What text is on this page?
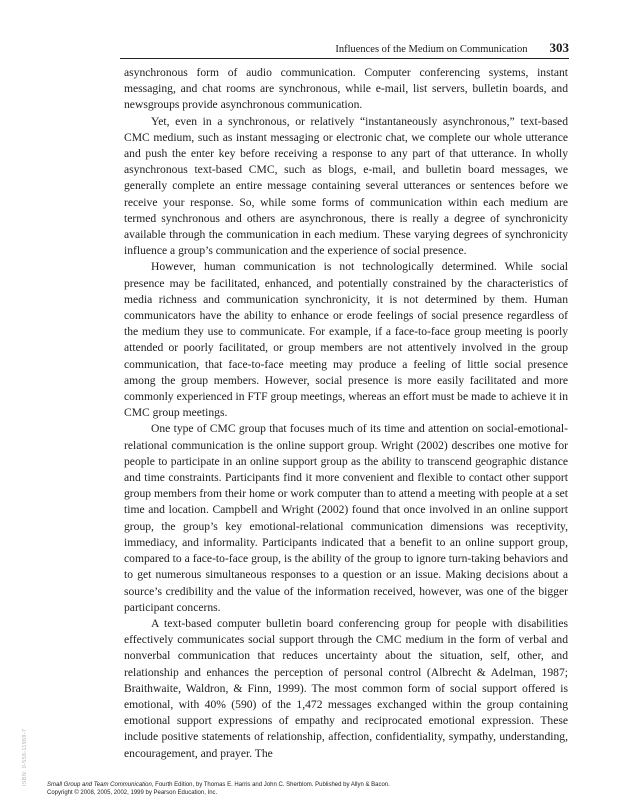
Influences of the Medium on Communication 303

asynchronous form of audio communication. Computer conferencing systems, instant messaging, and chat rooms are synchronous, while e-mail, list servers, bulletin boards, and newsgroups provide asynchronous communication.

Yet, even in a synchronous, or relatively “instantaneously asynchronous,” text-based CMC medium, such as instant messaging or electronic chat, we complete our whole utterance and push the enter key before receiving a response to any part of that utterance. In wholly asynchronous text-based CMC, such as blogs, e-mail, and bulletin board messages, we generally complete an entire message containing several utterances or sentences before we receive your response. So, while some forms of communication within each medium are termed synchronous and others are asynchronous, there is really a degree of synchronicity available through the communication in each medium. These varying degrees of synchronicity influence a group’s communication and the experience of social presence.

However, human communication is not technologically determined. While social presence may be facilitated, enhanced, and potentially constrained by the characteristics of media richness and communication synchronicity, it is not determined by them. Human communicators have the ability to enhance or erode feelings of social presence regardless of the medium they use to communicate. For example, if a face-to-face group meeting is poorly attended or poorly facilitated, or group members are not attentively involved in the group communication, that face-to-face meeting may produce a feeling of little social presence among the group members. However, social presence is more easily facilitated and more commonly experienced in FTF group meetings, whereas an effort must be made to achieve it in CMC group meetings.

One type of CMC group that focuses much of its time and attention on social-emotional-relational communication is the online support group. Wright (2002) describes one motive for people to participate in an online support group as the ability to transcend geographic distance and time constraints. Participants find it more convenient and flexible to contact other support group members from their home or work computer than to attend a meeting with people at a set time and location. Campbell and Wright (2002) found that once involved in an online support group, the group’s key emotional-relational communication dimensions was receptivity, immediacy, and informality. Participants indicated that a benefit to an online support group, compared to a face-to-face group, is the ability of the group to ignore turn-taking behaviors and to get numerous simultaneous responses to a question or an issue. Making decisions about a source’s credibility and the value of the information received, however, was one of the bigger participant concerns.

A text-based computer bulletin board conferencing group for people with disabilities effectively communicates social support through the CMC medium in the form of verbal and nonverbal communication that reduces uncertainty about the situation, self, other, and relationship and enhances the perception of personal control (Albrecht & Adelman, 1987; Braithwaite, Waldron, & Finn, 1999). The most common form of social support offered is emotional, with 40% (590) of the 1,472 messages exchanged within the group containing emotional support expressions of empathy and reciprocated emotional expression. These include positive statements of relationship, affection, confidentiality, sympathy, understanding, encouragement, and prayer. The

ISBN: 0-558-11969-7	Small Group and Team Communication, Fourth Edition, by Thomas E. Harris and John C. Sherblom. Published by Allyn & Bacon.
Copyright © 2008, 2005, 2002, 1999 by Pearson Education, Inc.
